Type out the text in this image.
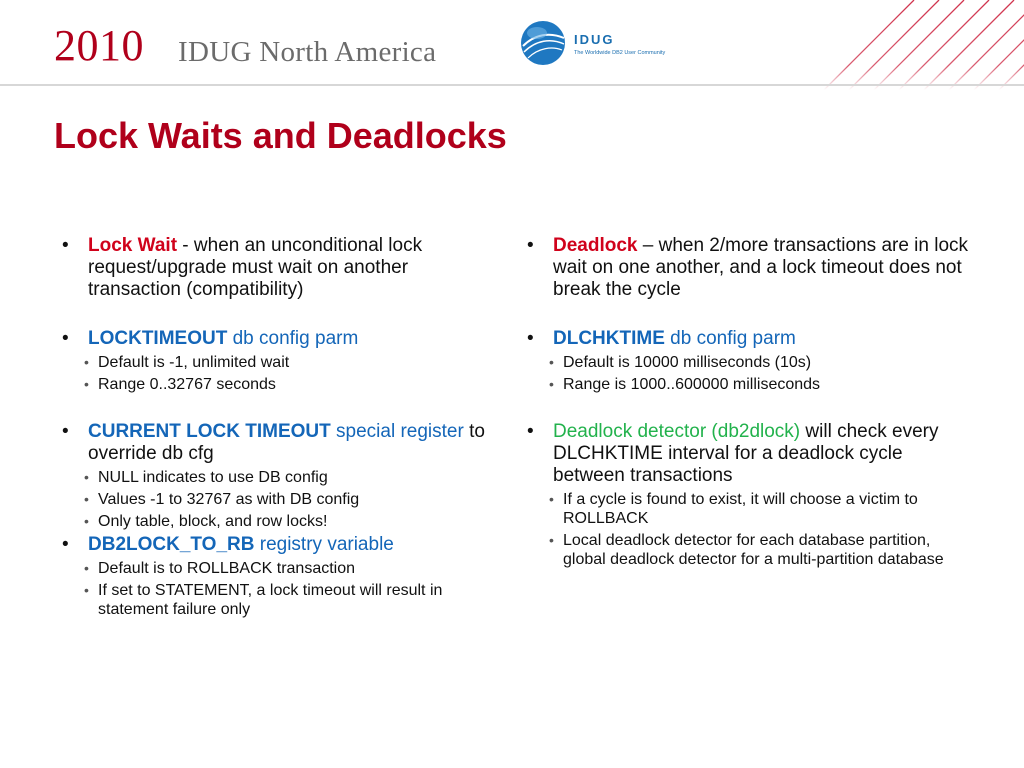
2010 IDUG North America	IDUG
The Worldwide DB2 User Community
Lock Waits and Deadlocks
• Lock Wait - when an unconditional lock request/upgrade must wait on another transaction (compatibility)
• LOCKTIMEOUT db config parm
• Default is -1, unlimited wait
• Range 0..32767 seconds
• CURRENT LOCK TIMEOUT special register to override db cfg
• NULL indicates to use DB config
• Values -1 to 32767 as with DB config
• Only table, block, and row locks!
• DB2LOCK_TO_RB registry variable
• Default is to ROLLBACK transaction
• If set to STATEMENT, a lock timeout will result in statement failure only
• Deadlock – when 2/more transactions are in lock wait on one another, and a lock timeout does not break the cycle
• DLCHKTIME db config parm
• Default is 10000 milliseconds (10s)
• Range is 1000..600000 milliseconds
• Deadlock detector (db2dlock) will check every DLCHKTIME interval for a deadlock cycle between transactions
• If a cycle is found to exist, it will choose a victim to ROLLBACK
• Local deadlock detector for each database partition, global deadlock detector for a multi-partition database
